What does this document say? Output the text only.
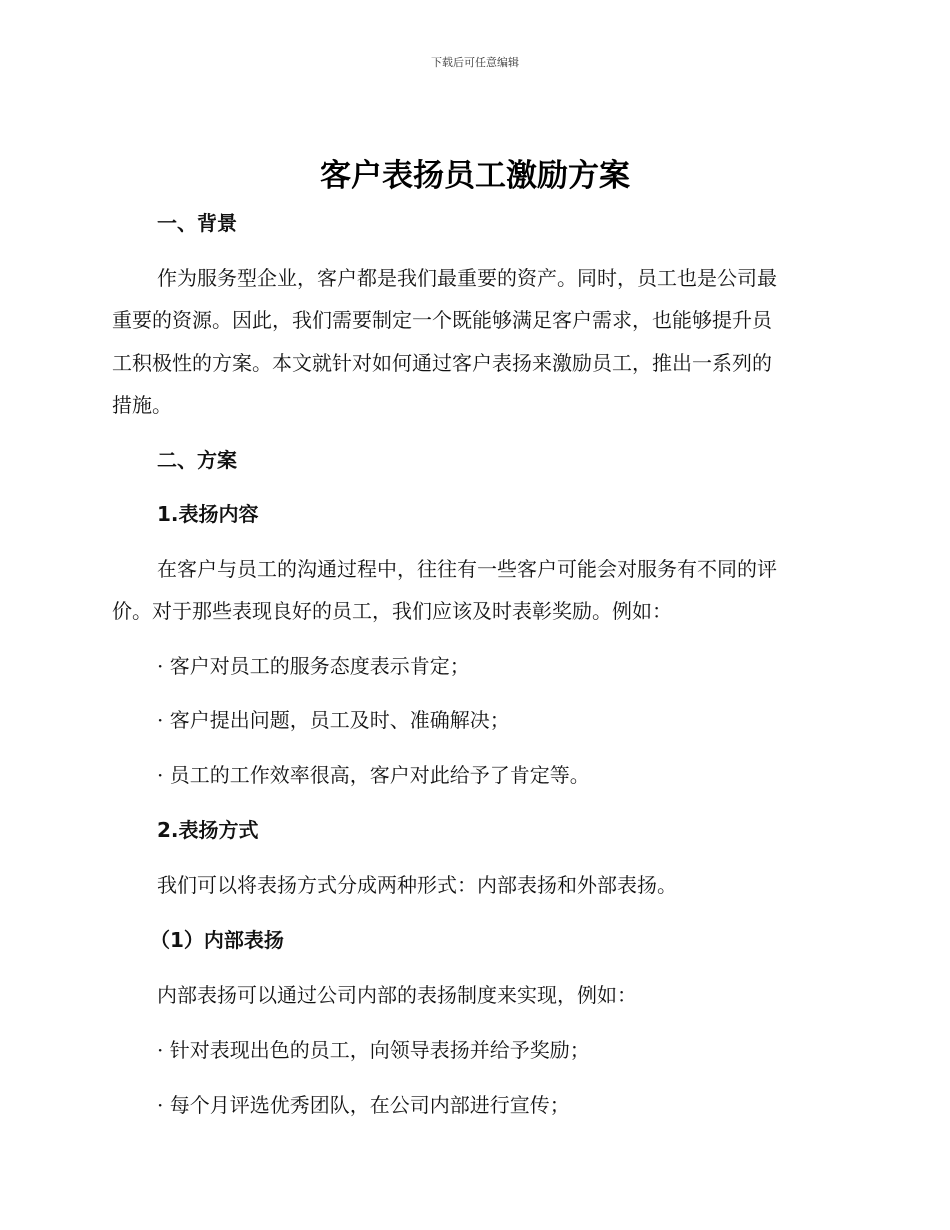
下载后可任意编辑
客户表扬员工激励方案
一、背景
作为服务型企业，客户都是我们最重要的资产。同时，员工也是公司最
重要的资源。因此，我们需要制定一个既能够满足客户需求，也能够提升员
工积极性的方案。本文就针对如何通过客户表扬来激励员工，推出一系列的
措施。
二、方案
1.表扬内容
在客户与员工的沟通过程中，往往有一些客户可能会对服务有不同的评
价。对于那些表现良好的员工，我们应该及时表彰奖励。例如：
· 客户对员工的服务态度表示肯定；
· 客户提出问题，员工及时、准确解决；
· 员工的工作效率很高，客户对此给予了肯定等。
2.表扬方式
我们可以将表扬方式分成两种形式：内部表扬和外部表扬。
（1）内部表扬
内部表扬可以通过公司内部的表扬制度来实现，例如：
· 针对表现出色的员工，向领导表扬并给予奖励；
· 每个月评选优秀团队，在公司内部进行宣传；
